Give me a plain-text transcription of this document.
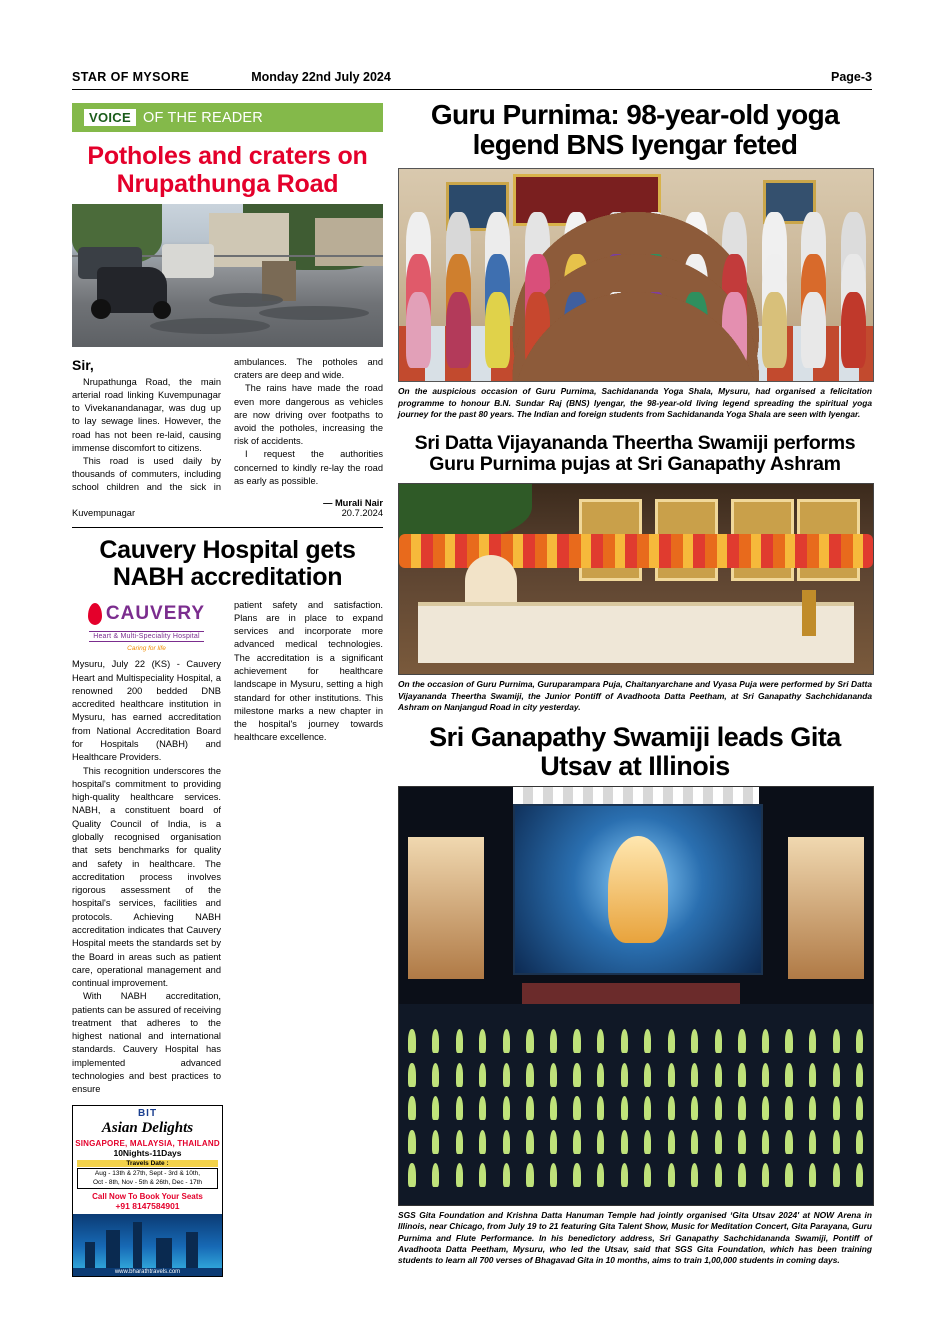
STAR OF MYSORE	Monday 22nd July 2024	Page-3
VOICE OF THE READER
Potholes and craters on Nrupathunga Road

Sir,

Nrupathunga Road, the main arterial road linking Kuvempunagar to Vivekanandanagar, was dug up to lay sewage lines. However, the road has not been re-laid, causing immense discomfort to citizens.

This road is used daily by thousands of commuters, including school children and the sick in ambulances. The potholes and craters are deep and wide.

The rains have made the road even more dangerous as vehicles are now driving over footpaths to avoid the potholes, increasing the risk of accidents.

I request the authorities concerned to kindly re-lay the road as early as possible.

— Murali Nair
Kuvempunagar	20.7.2024
Cauvery Hospital gets NABH accreditation
CAUVERY
Heart & Multi-Speciality Hospital
Caring for life

Mysuru, July 22 (KS) - Cauvery Heart and Multispeciality Hospital, a renowned 200 bedded DNB accredited healthcare institution in Mysuru, has earned accreditation from National Accreditation Board for Hospitals (NABH) and Healthcare Providers.

This recognition underscores the hospital's commitment to providing high-quality healthcare services. NABH, a constituent board of Quality Council of India, is a globally recognised organisation that sets benchmarks for quality and safety in healthcare. The accreditation process involves rigorous assessment of the hospital's services, facilities and protocols. Achieving NABH accreditation indicates that Cauvery Hospital meets the standards set by the Board in areas such as patient care, operational management and continual improvement.

With NABH accreditation, patients can be assured of receiving treatment that adheres to the highest national and international standards. Cauvery Hospital has implemented advanced technologies and best practices to ensure

BIT
Asian Delights
SINGAPORE, MALAYSIA, THAILAND
10Nights-11Days
Travels Date :
Aug - 13th & 27th, Sept - 3rd & 10th,
Oct - 8th, Nov - 5th & 26th, Dec - 17th
Call Now To Book Your Seats
+91 8147584901
www.bharathtravels.com

patient safety and satisfaction. Plans are in place to expand services and incorporate more advanced medical technologies. The accreditation is a significant achievement for healthcare landscape in Mysuru, setting a high standard for other institutions. This milestone marks a new chapter in the hospital's journey towards healthcare excellence.

Guru Purnima: 98-year-old yoga legend BNS Iyengar feted
On the auspicious occasion of Guru Purnima, Sachidananda Yoga Shala, Mysuru, had organised a felicitation programme to honour B.N. Sundar Raj (BNS) Iyengar, the 98-year-old living legend spreading the spiritual yoga journey for the past 80 years. The Indian and foreign students from Sachidananda Yoga Shala are seen with Iyengar.
Sri Datta Vijayananda Theertha Swamiji performs Guru Purnima pujas at Sri Ganapathy Ashram
On the occasion of Guru Purnima, Guruparampara Puja, Chaitanyarchane and Vyasa Puja were performed by Sri Datta Vijayananda Theertha Swamiji, the Junior Pontiff of Avadhoota Datta Peetham, at Sri Ganapathy Sachchidananda Ashram on Nanjangud Road in city yesterday.
Sri Ganapathy Swamiji leads Gita Utsav at Illinois
SGS Gita Foundation and Krishna Datta Hanuman Temple had jointly organised ‘Gita Utsav 2024' at NOW Arena in Illinois, near Chicago, from July 19 to 21 featuring Gita Talent Show, Music for Meditation Concert, Gita Parayana, Guru Purnima and Flute Performance. In his benedictory address, Sri Ganapathy Sachchidananda Swamiji, Pontiff of Avadhoota Datta Peetham, Mysuru, who led the Utsav, said that SGS Gita Foundation, which has been training students to learn all 700 verses of Bhagavad Gita in 10 months, aims to train 1,00,000 students in coming days.
